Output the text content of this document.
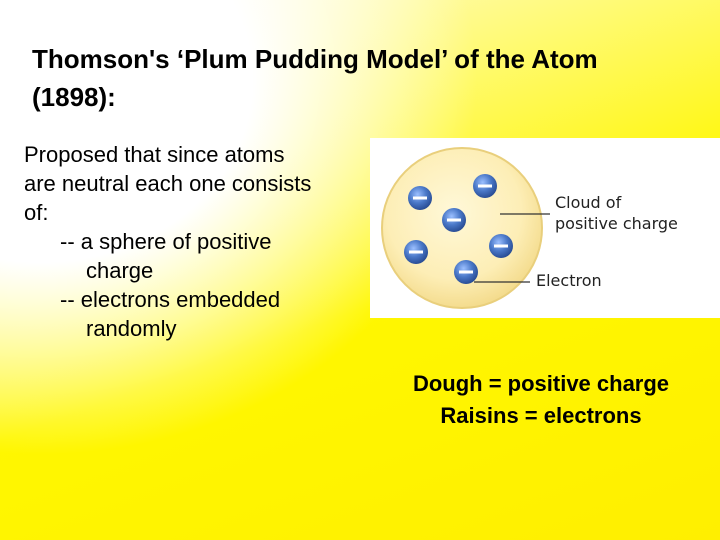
Thomson's ‘Plum Pudding Model’ of the Atom
(1898):
Proposed that since atoms
are neutral each one consists
of:
-- a sphere of positive
charge
-- electrons embedded
randomly
Cloud of
positive charge
Electron
Dough = positive charge
Raisins = electrons
